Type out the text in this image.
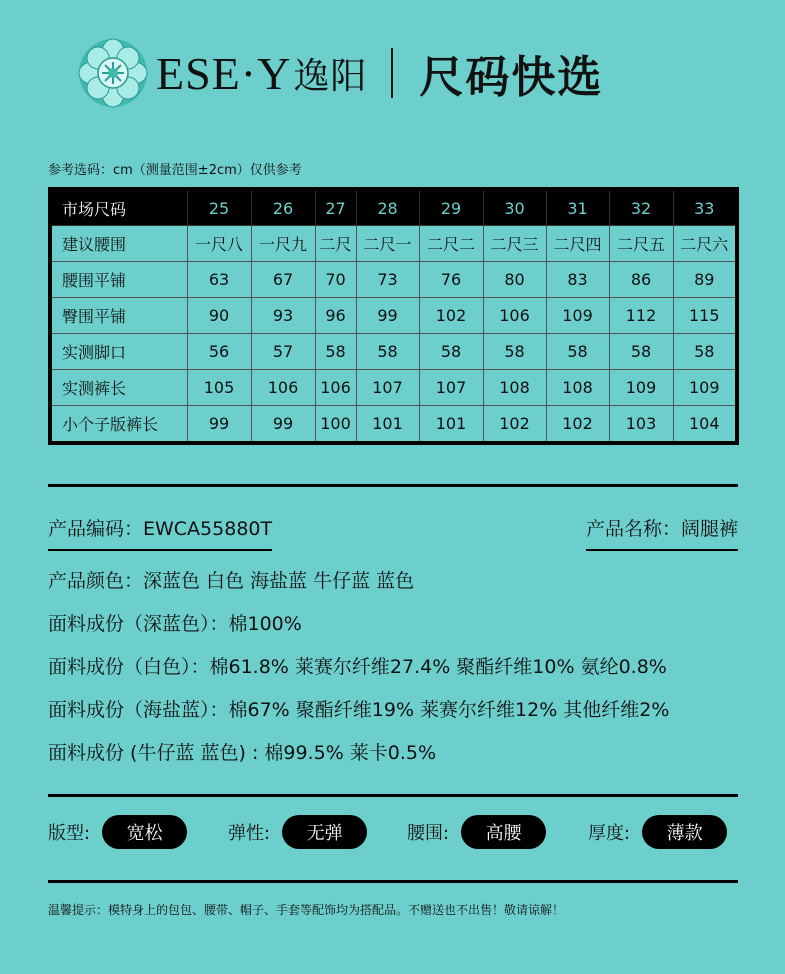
ESE·Y 逸阳 尺码快选
参考选码：cm（测量范围±2cm）仅供参考
市场尺码	25	26	27	28	29	30	31	32	33
建议腰围	一尺八	一尺九	二尺	二尺一	二尺二	二尺三	二尺四	二尺五	二尺六
腰围平铺	63	67	70	73	76	80	83	86	89
臀围平铺	90	93	96	99	102	106	109	112	115
实测脚口	56	57	58	58	58	58	58	58	58
实测裤长	105	106	106	107	107	108	108	109	109
小个子版裤长	99	99	100	101	101	102	102	103	104
产品编码：EWCA55880T	产品名称：阔腿裤
产品颜色：深蓝色 白色 海盐蓝 牛仔蓝 蓝色
面料成份（深蓝色）：棉100%
面料成份（白色）：棉61.8% 莱赛尔纤维27.4% 聚酯纤维10% 氨纶0.8%
面料成份（海盐蓝）：棉67% 聚酯纤维19% 莱赛尔纤维12% 其他纤维2%
面料成份 (牛仔蓝 蓝色) : 棉99.5% 莱卡0.5%
版型:	宽松	弹性:	无弹	腰围:	高腰	厚度:	薄款
温馨提示：模特身上的包包、腰带、帽子、手套等配饰均为搭配品。不赠送也不出售！敬请谅解！
